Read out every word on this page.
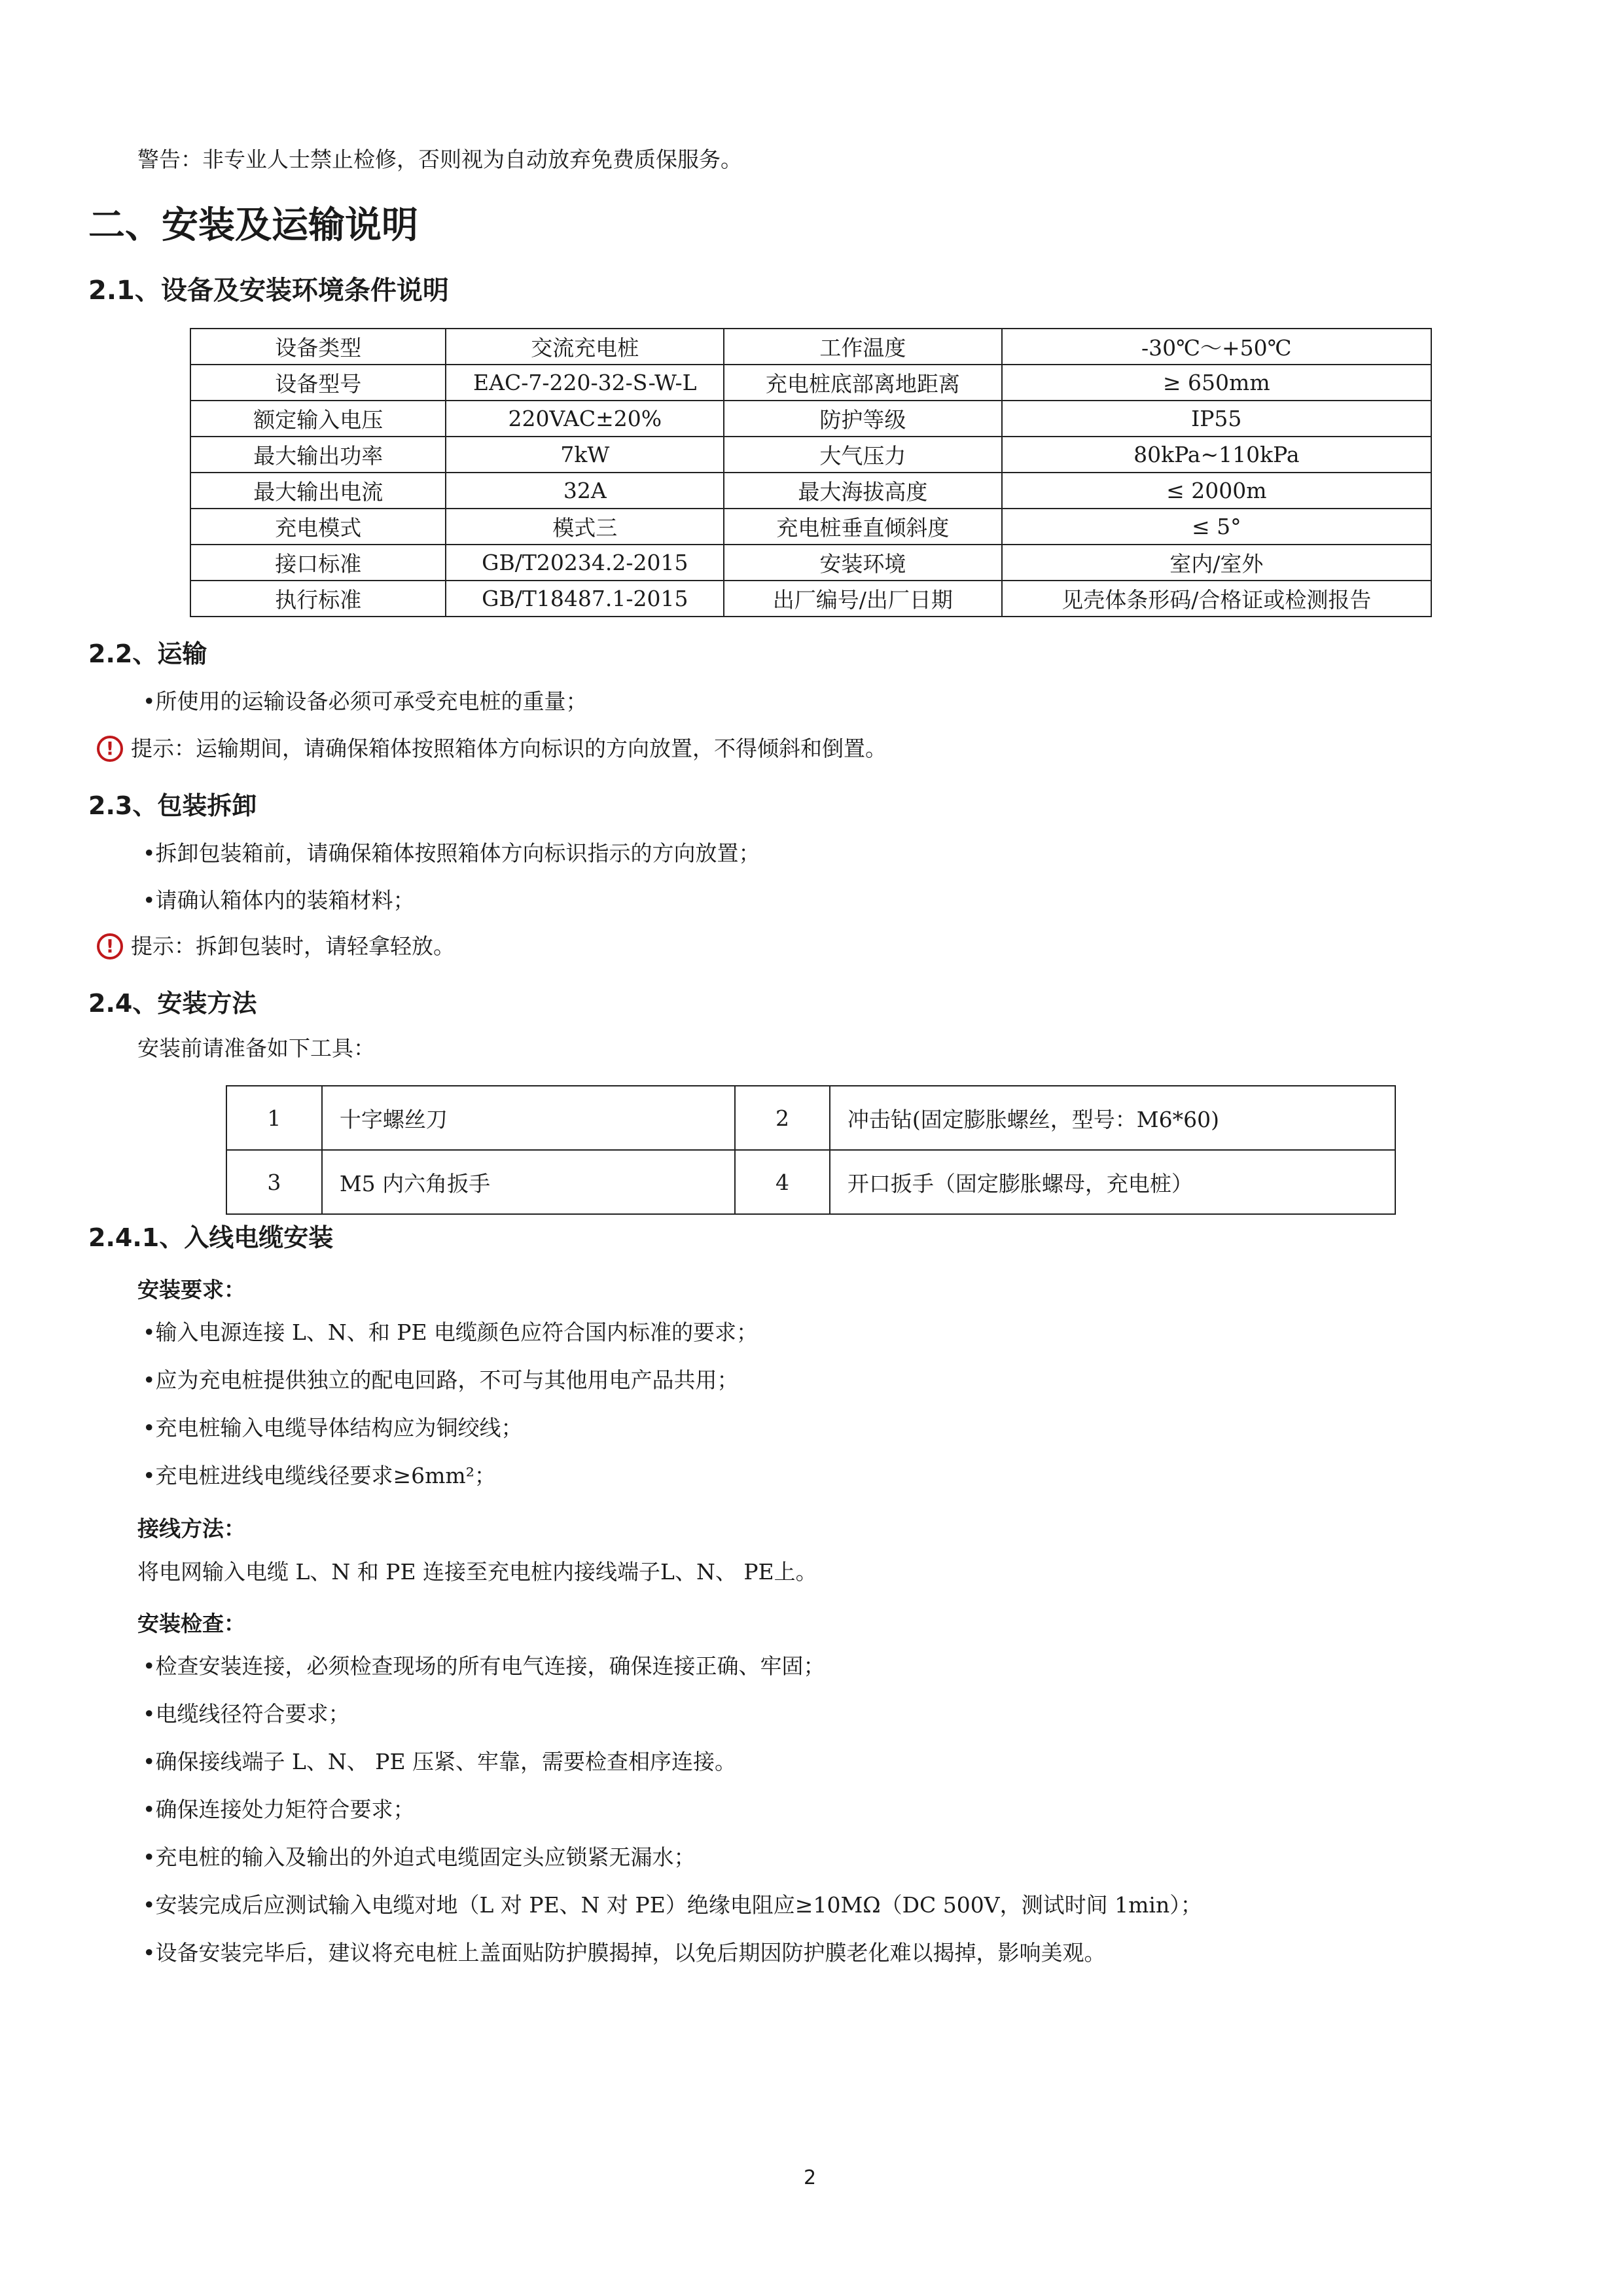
警告：非专业人士禁止检修，否则视为自动放弃免费质保服务。
二、安装及运输说明
2.1、设备及安装环境条件说明
设备类型	交流充电桩	工作温度	-30℃～+50℃
设备型号	EAC-7-220-32-S-W-L	充电桩底部离地距离	≥ 650mm
额定输入电压	220VAC±20%	防护等级	IP55
最大输出功率	7kW	大气压力	80kPa~110kPa
最大输出电流	32A	最大海拔高度	≤ 2000m
充电模式	模式三	充电桩垂直倾斜度	≤ 5°
接口标准	GB/T20234.2-2015	安装环境	室内/室外
执行标准	GB/T18487.1-2015	出厂编号/出厂日期	见壳体条形码/合格证或检测报告
2.2、运输
•所使用的运输设备必须可承受充电桩的重量；
! 提示：运输期间，请确保箱体按照箱体方向标识的方向放置，不得倾斜和倒置。
2.3、包装拆卸
•拆卸包装箱前，请确保箱体按照箱体方向标识指示的方向放置；
•请确认箱体内的装箱材料；
! 提示：拆卸包装时，请轻拿轻放。
2.4、安装方法
安装前请准备如下工具：
1	十字螺丝刀	2	冲击钻(固定膨胀螺丝，型号：M6*60)
3	M5 内六角扳手	4	开口扳手（固定膨胀螺母，充电桩）
2.4.1、入线电缆安装
安装要求：
•输入电源连接 L、N、和 PE 电缆颜色应符合国内标准的要求；
•应为充电桩提供独立的配电回路，不可与其他用电产品共用；
•充电桩输入电缆导体结构应为铜绞线；
•充电桩进线电缆线径要求≥6mm²；
接线方法：
将电网输入电缆 L、N 和 PE 连接至充电桩内接线端子L、N、 PE上。
安装检查：
•检查安装连接，必须检查现场的所有电气连接，确保连接正确、牢固；
•电缆线径符合要求；
•确保接线端子 L、N、 PE 压紧、牢靠，需要检查相序连接。
•确保连接处力矩符合要求；
•充电桩的输入及输出的外迫式电缆固定头应锁紧无漏水；
•安装完成后应测试输入电缆对地（L 对 PE、N 对 PE）绝缘电阻应≥10MΩ（DC 500V，测试时间 1min）；
•设备安装完毕后，建议将充电桩上盖面贴防护膜揭掉，以免后期因防护膜老化难以揭掉，影响美观。
2
